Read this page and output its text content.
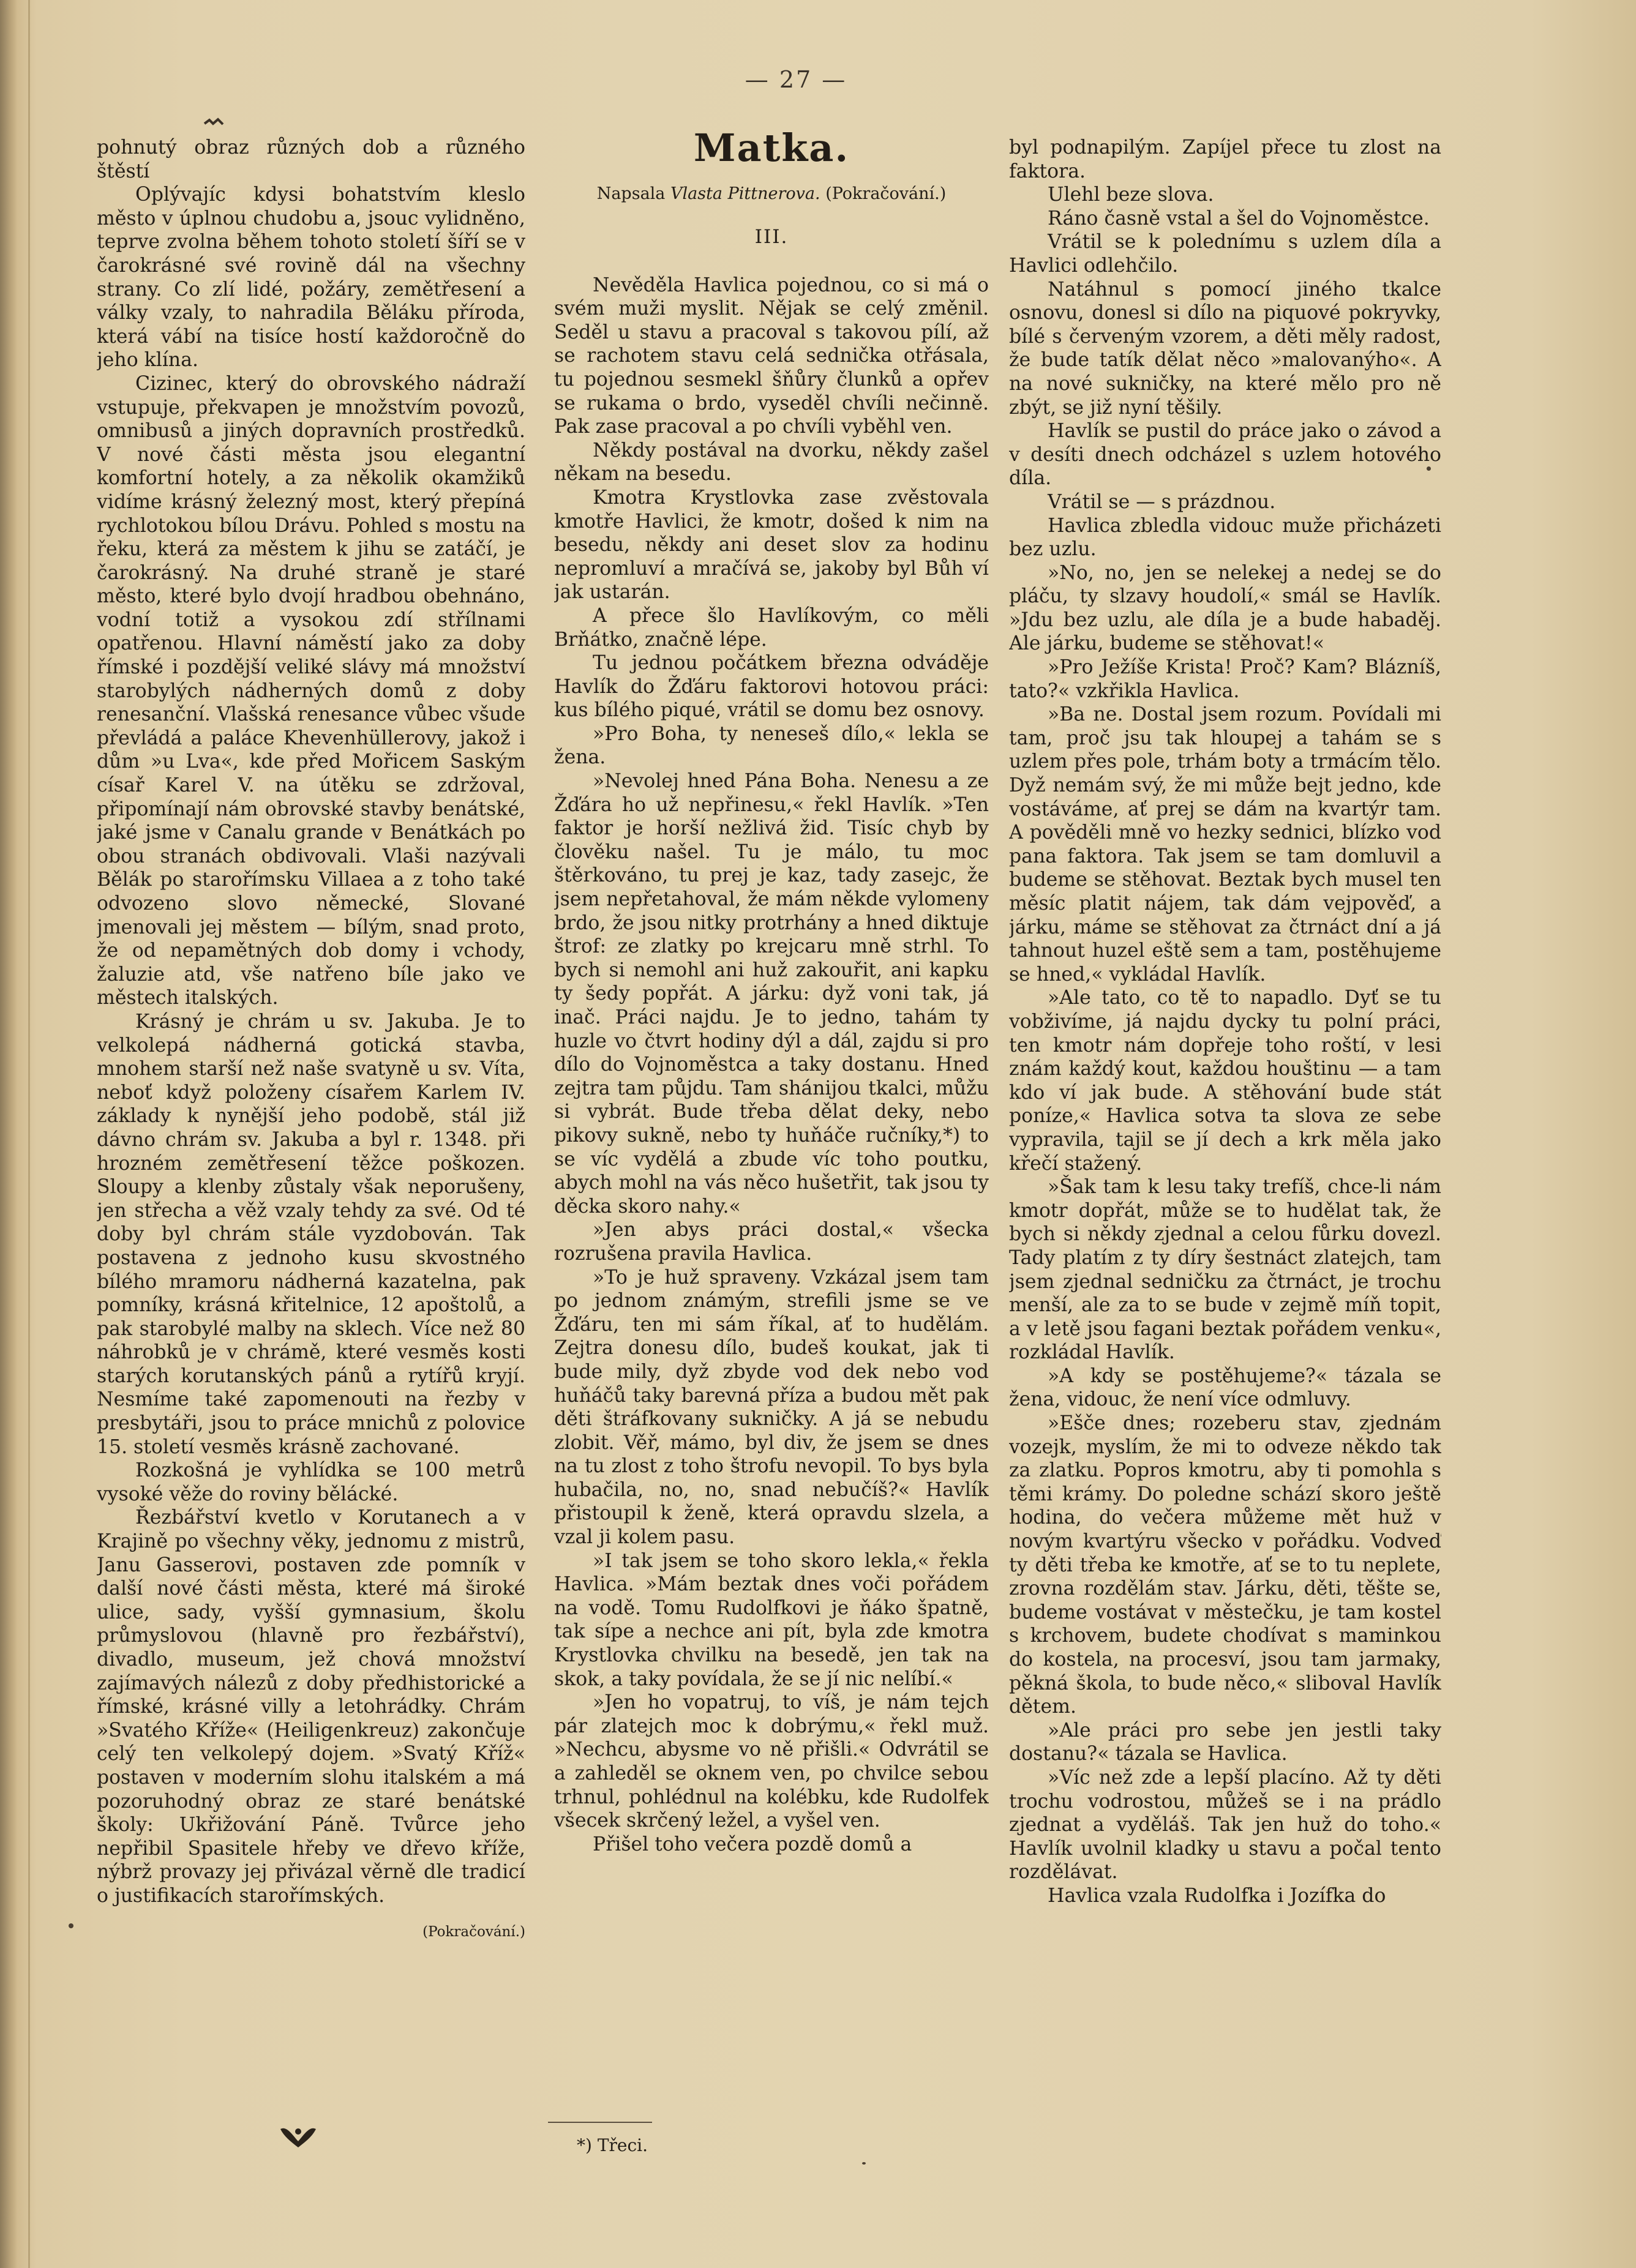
— 27 —

pohnutý obraz různých dob a různého štěstí

Oplývajíc kdysi bohatstvím kleslo město v úplnou chudobu a, jsouc vylidněno, teprve zvolna během tohoto století šíří se v čarokrásné své rovině dál na všechny strany. Co zlí lidé, požáry, zemětřesení a války vzaly, to nahradila Běláku příroda, která vábí na tisíce hostí každoročně do jeho klína.

Cizinec, který do obrovského nádraží vstupuje, překvapen je množstvím povozů, omnibusů a jiných dopravních prostředků. V nové části města jsou elegantní komfortní hotely, a za několik okamžiků vidíme krásný železný most, který přepíná rychlotokou bílou Drávu. Pohled s mostu na řeku, která za městem k jihu se zatáčí, je čarokrásný. Na druhé straně je staré město, které bylo dvojí hradbou obehnáno, vodní totiž a vysokou zdí střílnami opatřenou. Hlavní náměstí jako za doby římské i pozdější veliké slávy má množství starobylých nádherných domů z doby renesanční. Vlašská renesance vůbec všude převládá a paláce Khevenhüllerovy, jakož i dům »u Lva«, kde před Mořicem Saským císař Karel V. na útěku se zdržoval, připomínají nám obrovské stavby benátské, jaké jsme v Canalu grande v Benátkách po obou stranách obdivovali. Vlaši nazývali Bělák po starořímsku Villaea a z toho také odvozeno slovo německé, Slované jmenovali jej městem — bílým, snad proto, že od nepamětných dob domy i vchody, žaluzie atd, vše natřeno bíle jako ve městech italských.

Krásný je chrám u sv. Jakuba. Je to velkolepá nádherná gotická stavba, mnohem starší než naše svatyně u sv. Víta, neboť když položeny císařem Karlem IV. základy k nynější jeho podobě, stál již dávno chrám sv. Jakuba a byl r. 1348. při hrozném zemětřesení těžce poškozen. Sloupy a klenby zůstaly však neporušeny, jen střecha a věž vzaly tehdy za své. Od té doby byl chrám stále vyzdobován. Tak postavena z jednoho kusu skvostného bílého mramoru nádherná kazatelna, pak pomníky, krásná křitelnice, 12 apoštolů, a pak starobylé malby na sklech. Více než 80 náhrobků je v chrámě, které vesměs kosti starých korutanských pánů a rytířů kryjí. Nesmíme také zapomenouti na řezby v presbytáři, jsou to práce mnichů z polovice 15. století vesměs krásně zachované.

Rozkošná je vyhlídka se 100 metrů vysoké věže do roviny bělácké.

Řezbářství kvetlo v Korutanech a v Krajině po všechny věky, jednomu z mistrů, Janu Gasserovi, postaven zde pomník v další nové části města, které má široké ulice, sady, vyšší gymnasium, školu průmyslovou (hlavně pro řezbářství), divadlo, museum, jež chová množství zajímavých nálezů z doby předhistorické a římské, krásné villy a letohrádky. Chrám »Svatého Kříže« (Heiligenkreuz) zakončuje celý ten velkolepý dojem. »Svatý Kříž« postaven v moderním slohu italském a má pozoruhodný obraz ze staré benátské školy: Ukřižování Páně. Tvůrce jeho nepřibil Spasitele hřeby ve dřevo kříže, nýbrž provazy jej přivázal věrně dle tradicí o justifikacích starořímských.

(Pokračování.)
Matka.
Napsala Vlasta Pittnerova. (Pokračování.)
III.

Nevěděla Havlica pojednou, co si má o svém muži myslit. Nějak se celý změnil. Seděl u stavu a pracoval s takovou pílí, až se rachotem stavu celá sednička otřásala, tu pojednou sesmekl šňůry člunků a opřev se rukama o brdo, vyseděl chvíli nečinně. Pak zase pracoval a po chvíli vyběhl ven.

Někdy postával na dvorku, někdy zašel někam na besedu.

Kmotra Krystlovka zase zvěstovala kmotře Havlici, že kmotr, došed k nim na besedu, někdy ani deset slov za hodinu nepromluví a mračívá se, jakoby byl Bůh ví jak ustarán.

A přece šlo Havlíkovým, co měli Brňátko, značně lépe.

Tu jednou počátkem března odváděje Havlík do Žďáru faktorovi hotovou práci: kus bílého piqué, vrátil se domu bez osnovy.

»Pro Boha, ty neneseš dílo,« lekla se žena.

»Nevolej hned Pána Boha. Nenesu a ze Žďára ho už nepřinesu,« řekl Havlík. »Ten faktor je horší nežlivá žid. Tisíc chyb by člověku našel. Tu je málo, tu moc štěrkováno, tu prej je kaz, tady zasejc, že jsem nepřetahoval, že mám někde vylomeny brdo, že jsou nitky protrhány a hned diktuje štrof: ze zlatky po krejcaru mně strhl. To bych si nemohl ani huž zakouřit, ani kapku ty šedy popřát. A járku: dyž voni tak, já inač. Práci najdu. Je to jedno, tahám ty huzle vo čtvrt hodiny dýl a dál, zajdu si pro dílo do Vojnoměstca a taky dostanu. Hned zejtra tam půjdu. Tam shánijou tkalci, můžu si vybrát. Bude třeba dělat deky, nebo pikovy sukně, nebo ty huňáče ručníky,*) to se víc vydělá a zbude víc toho poutku, abych mohl na vás něco hušetřit, tak jsou ty děcka skoro nahy.«

»Jen abys práci dostal,« všecka rozrušena pravila Havlica.

»To je huž spraveny. Vzkázal jsem tam po jednom známým, strefili jsme se ve Žďáru, ten mi sám říkal, ať to hudělám. Zejtra donesu dílo, budeš koukat, jak ti bude mily, dyž zbyde vod dek nebo vod huňáčů taky barevná příza a budou mět pak děti štráfkovany sukničky. A já se nebudu zlobit. Věř, mámo, byl div, že jsem se dnes na tu zlost z toho štrofu nevopil. To bys byla hubačila, no, no, snad nebučíš?« Havlík přistoupil k ženě, která opravdu slzela, a vzal ji kolem pasu.

»I tak jsem se toho skoro lekla,« řekla Havlica. »Mám beztak dnes voči pořádem na vodě. Tomu Rudolfkovi je ňáko špatně, tak sípe a nechce ani pít, byla zde kmotra Krystlovka chvilku na besedě, jen tak na skok, a taky povídala, že se jí nic nelíbí.«

»Jen ho vopatruj, to víš, je nám tejch pár zlatejch moc k dobrýmu,« řekl muž. »Nechcu, abysme vo ně přišli.« Odvrátil se a zahleděl se oknem ven, po chvilce sebou trhnul, pohlédnul na kolébku, kde Rudolfek všecek skrčený ležel, a vyšel ven.

Přišel toho večera pozdě domů a

*) Třeci.

byl podnapilým. Zapíjel přece tu zlost na faktora.

Ulehl beze slova.

Ráno časně vstal a šel do Vojnoměstce.

Vrátil se k polednímu s uzlem díla a Havlici odlehčilo.

Natáhnul s pomocí jiného tkalce osnovu, donesl si dílo na piquové pokryvky, bílé s červeným vzorem, a děti měly radost, že bude tatík dělat něco »malovanýho«. A na nové sukničky, na které mělo pro ně zbýt, se již nyní těšily.

Havlík se pustil do práce jako o závod a v desíti dnech odcházel s uzlem hotového díla.

Vrátil se — s prázdnou.

Havlica zbledla vidouc muže přicházeti bez uzlu.

»No, no, jen se nelekej a nedej se do pláču, ty slzavy houdolí,« smál se Havlík. »Jdu bez uzlu, ale díla je a bude habaděj. Ale járku, budeme se stěhovat!«

»Pro Ježíše Krista! Proč? Kam? Blázníš, tato?« vzkřikla Havlica.

»Ba ne. Dostal jsem rozum. Povídali mi tam, proč jsu tak hloupej a tahám se s uzlem přes pole, trhám boty a trmácím tělo. Dyž nemám svý, že mi může bejt jedno, kde vostáváme, ať prej se dám na kvartýr tam. A pověděli mně vo hezky sednici, blízko vod pana faktora. Tak jsem se tam domluvil a budeme se stěhovat. Beztak bych musel ten měsíc platit nájem, tak dám vejpověď, a járku, máme se stěhovat za čtrnáct dní a já tahnout huzel eště sem a tam, postěhujeme se hned,« vykládal Havlík.

»Ale tato, co tě to napadlo. Dyť se tu vobživíme, já najdu dycky tu polní práci, ten kmotr nám dopřeje toho roští, v lesi znám každý kout, každou houštinu — a tam kdo ví jak bude. A stěhování bude stát poníze,« Havlica sotva ta slova ze sebe vypravila, tajil se jí dech a krk měla jako křečí stažený.

»Šak tam k lesu taky trefíš, chce-li nám kmotr dopřát, může se to hudělat tak, že bych si někdy zjednal a celou fůrku dovezl. Tady platím z ty díry šestnáct zlatejch, tam jsem zjednal sedničku za čtrnáct, je trochu menší, ale za to se bude v zejmě míň topit, a v letě jsou fagani beztak pořádem venku«, rozkládal Havlík.

»A kdy se postěhujeme?« tázala se žena, vidouc, že není více odmluvy.

»Ešče dnes; rozeberu stav, zjednám vozejk, myslím, že mi to odveze někdo tak za zlatku. Popros kmotru, aby ti pomohla s těmi krámy. Do poledne schází skoro ještě hodina, do večera můžeme mět huž v novým kvartýru všecko v pořádku. Vodveď ty děti třeba ke kmotře, ať se to tu neplete, zrovna rozdělám stav. Járku, děti, těšte se, budeme vostávat v městečku, je tam kostel s krchovem, budete chodívat s maminkou do kostela, na procesví, jsou tam jarmaky, pěkná škola, to bude něco,« sliboval Havlík dětem.

»Ale práci pro sebe jen jestli taky dostanu?« tázala se Havlica.

»Víc než zde a lepší placíno. Až ty děti trochu vodrostou, můžeš se i na prádlo zjednat a vyděláš. Tak jen huž do toho.« Havlík uvolnil kladky u stavu a počal tento rozdělávat.

Havlica vzala Rudolfka i Jozífka do
